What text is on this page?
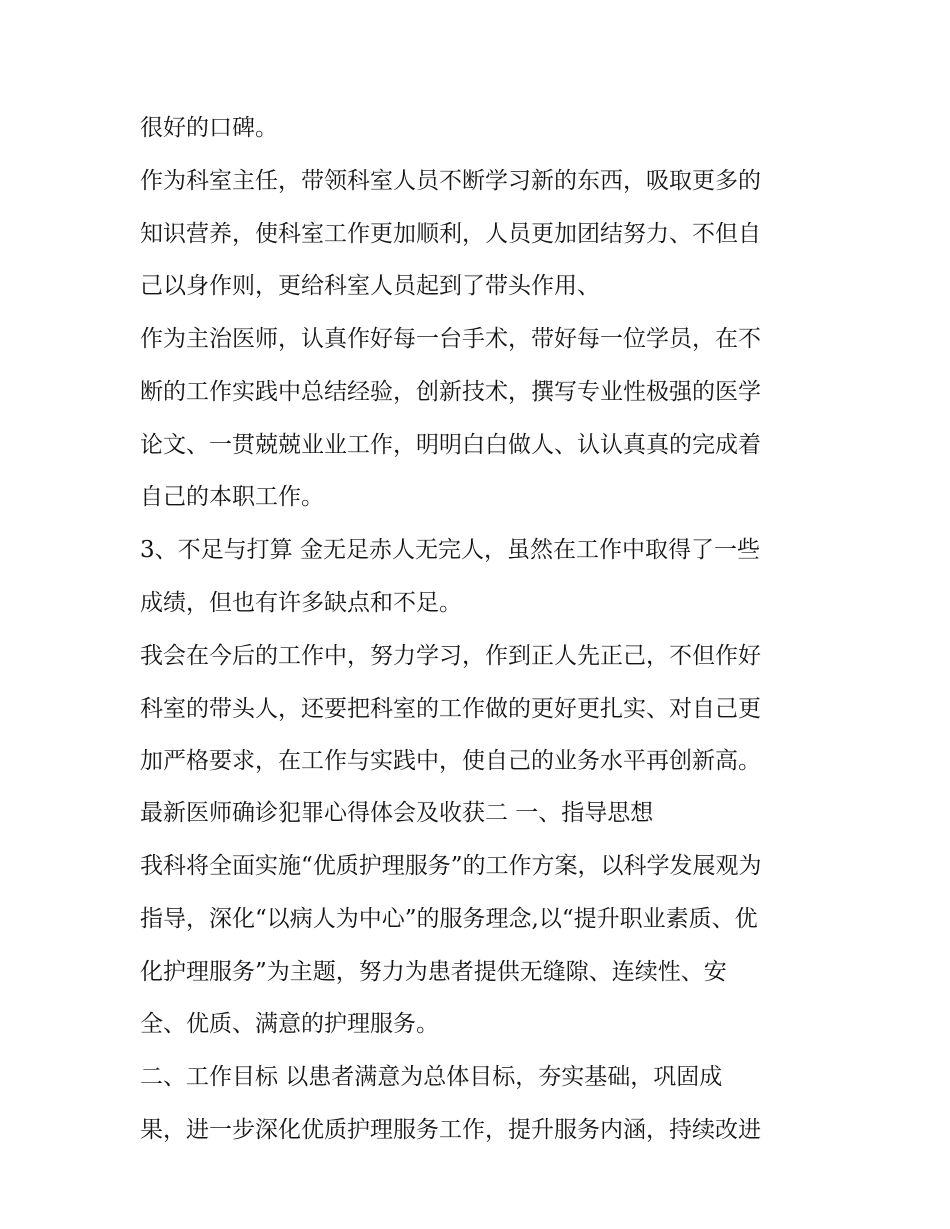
很好的口碑。

作为科室主任，带领科室人员不断学习新的东西，吸取更多的

知识营养，使科室工作更加顺利，人员更加团结努力、不但自

己以身作则，更给科室人员起到了带头作用、

作为主治医师，认真作好每一台手术，带好每一位学员，在不

断的工作实践中总结经验，创新技术，撰写专业性极强的医学

论文、一贯兢兢业业工作，明明白白做人、认认真真的完成着

自己的本职工作。

3、不足与打算 金无足赤人无完人，虽然在工作中取得了一些

成绩，但也有许多缺点和不足。

我会在今后的工作中，努力学习，作到正人先正己，不但作好

科室的带头人，还要把科室的工作做的更好更扎实、对自己更

加严格要求，在工作与实践中，使自己的业务水平再创新高。

最新医师确诊犯罪心得体会及收获二 一、指导思想

我科将全面实施“优质护理服务”的工作方案，以科学发展观为

指导，深化“以病人为中心”的服务理念,以“提升职业素质、优

化护理服务”为主题，努力为患者提供无缝隙、连续性、安

全、优质、满意的护理服务。

二、工作目标 以患者满意为总体目标，夯实基础，巩固成

果，进一步深化优质护理服务工作，提升服务内涵，持续改进
